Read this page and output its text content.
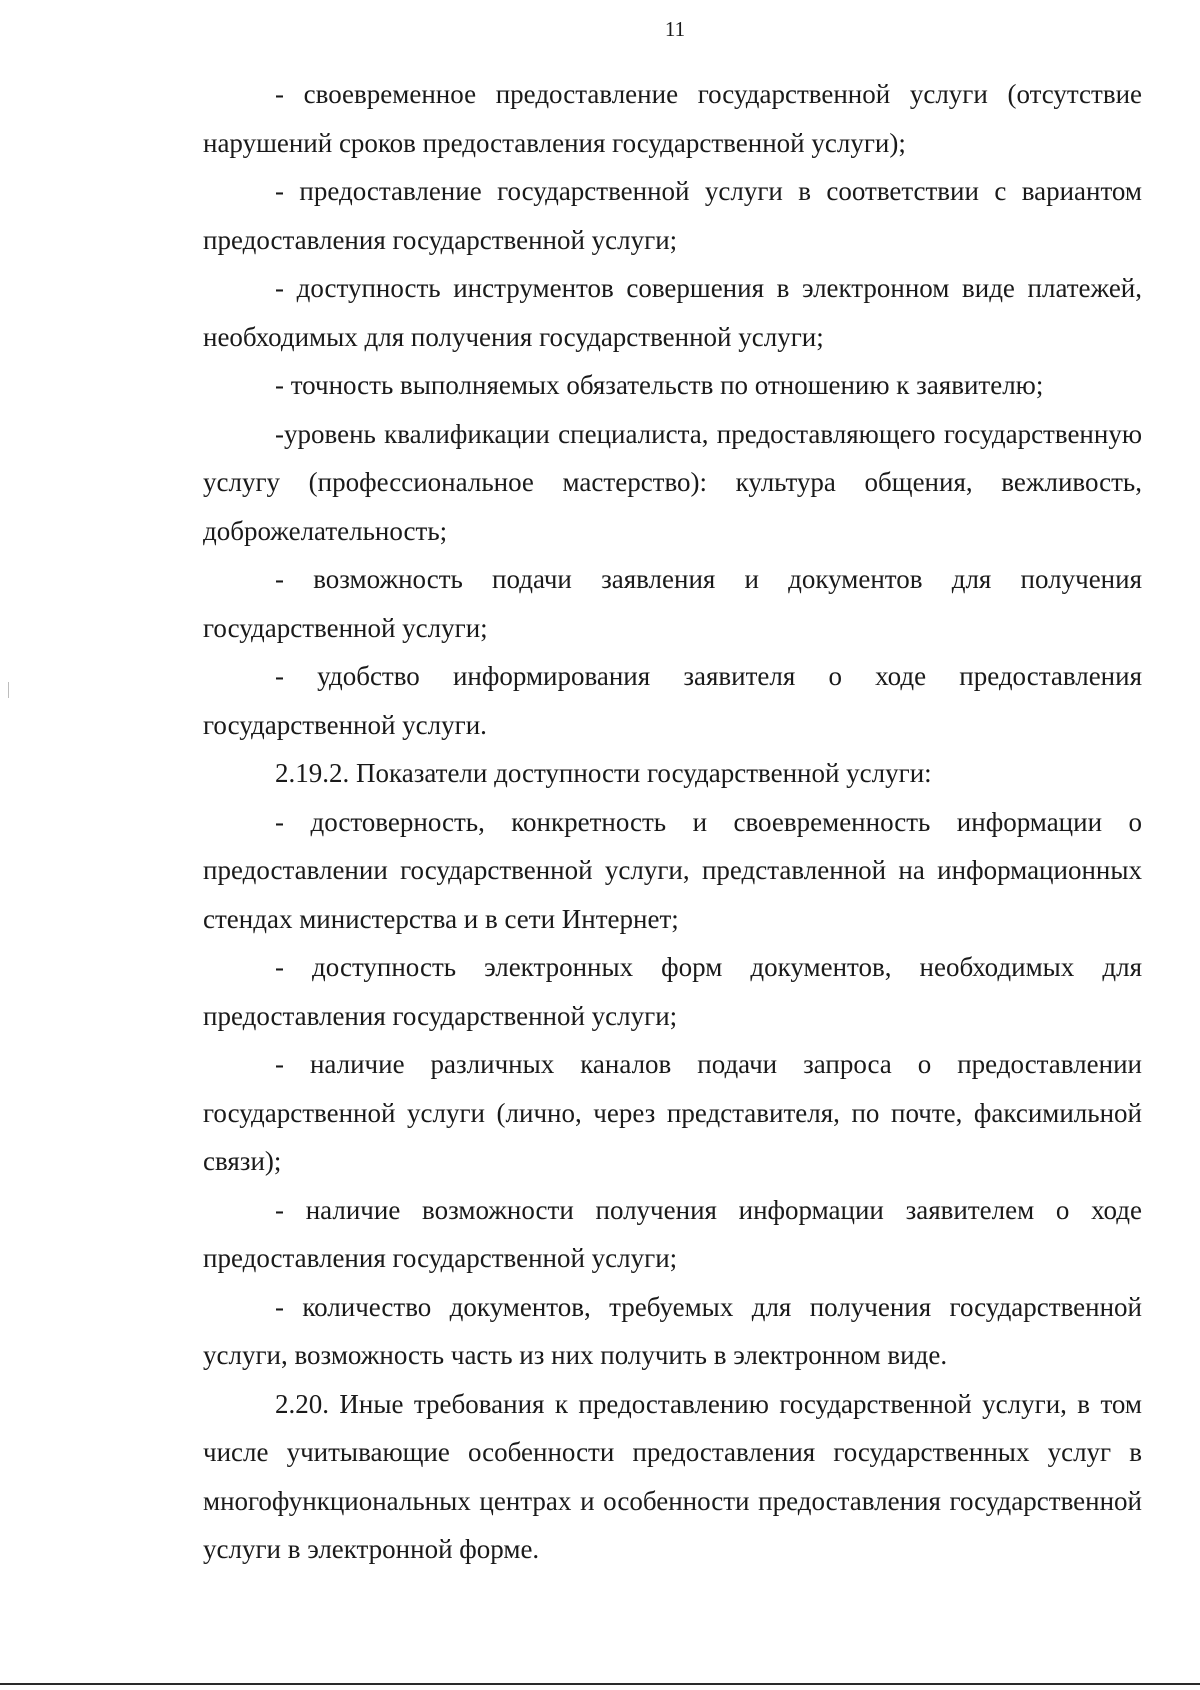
11

- своевременное предоставление государственной услуги (отсутствие нарушений сроков предоставления государственной услуги);

- предоставление государственной услуги в соответствии с вариантом предоставления государственной услуги;

- доступность инструментов совершения в электронном виде платежей, необходимых для получения государственной услуги;

- точность выполняемых обязательств по отношению к заявителю;

-уровень квалификации специалиста, предоставляющего государственную услугу (профессиональное мастерство): культура общения, вежливость, доброжелательность;

- возможность подачи заявления и документов для получения государственной услуги;

- удобство информирования заявителя о ходе предоставления государственной услуги.

2.19.2. Показатели доступности государственной услуги:

- достоверность, конкретность и своевременность информации о предоставлении государственной услуги, представленной на информационных стендах министерства и в сети Интернет;

- доступность электронных форм документов, необходимых для предоставления государственной услуги;

- наличие различных каналов подачи запроса о предоставлении государственной услуги (лично, через представителя, по почте, факсимильной связи);

- наличие возможности получения информации заявителем о ходе предоставления государственной услуги;

- количество документов, требуемых для получения государственной услуги, возможность часть из них получить в электронном виде.

2.20. Иные требования к предоставлению государственной услуги, в том числе учитывающие особенности предоставления государственных услуг в многофункциональных центрах и особенности предоставления государственной услуги в электронной форме.
